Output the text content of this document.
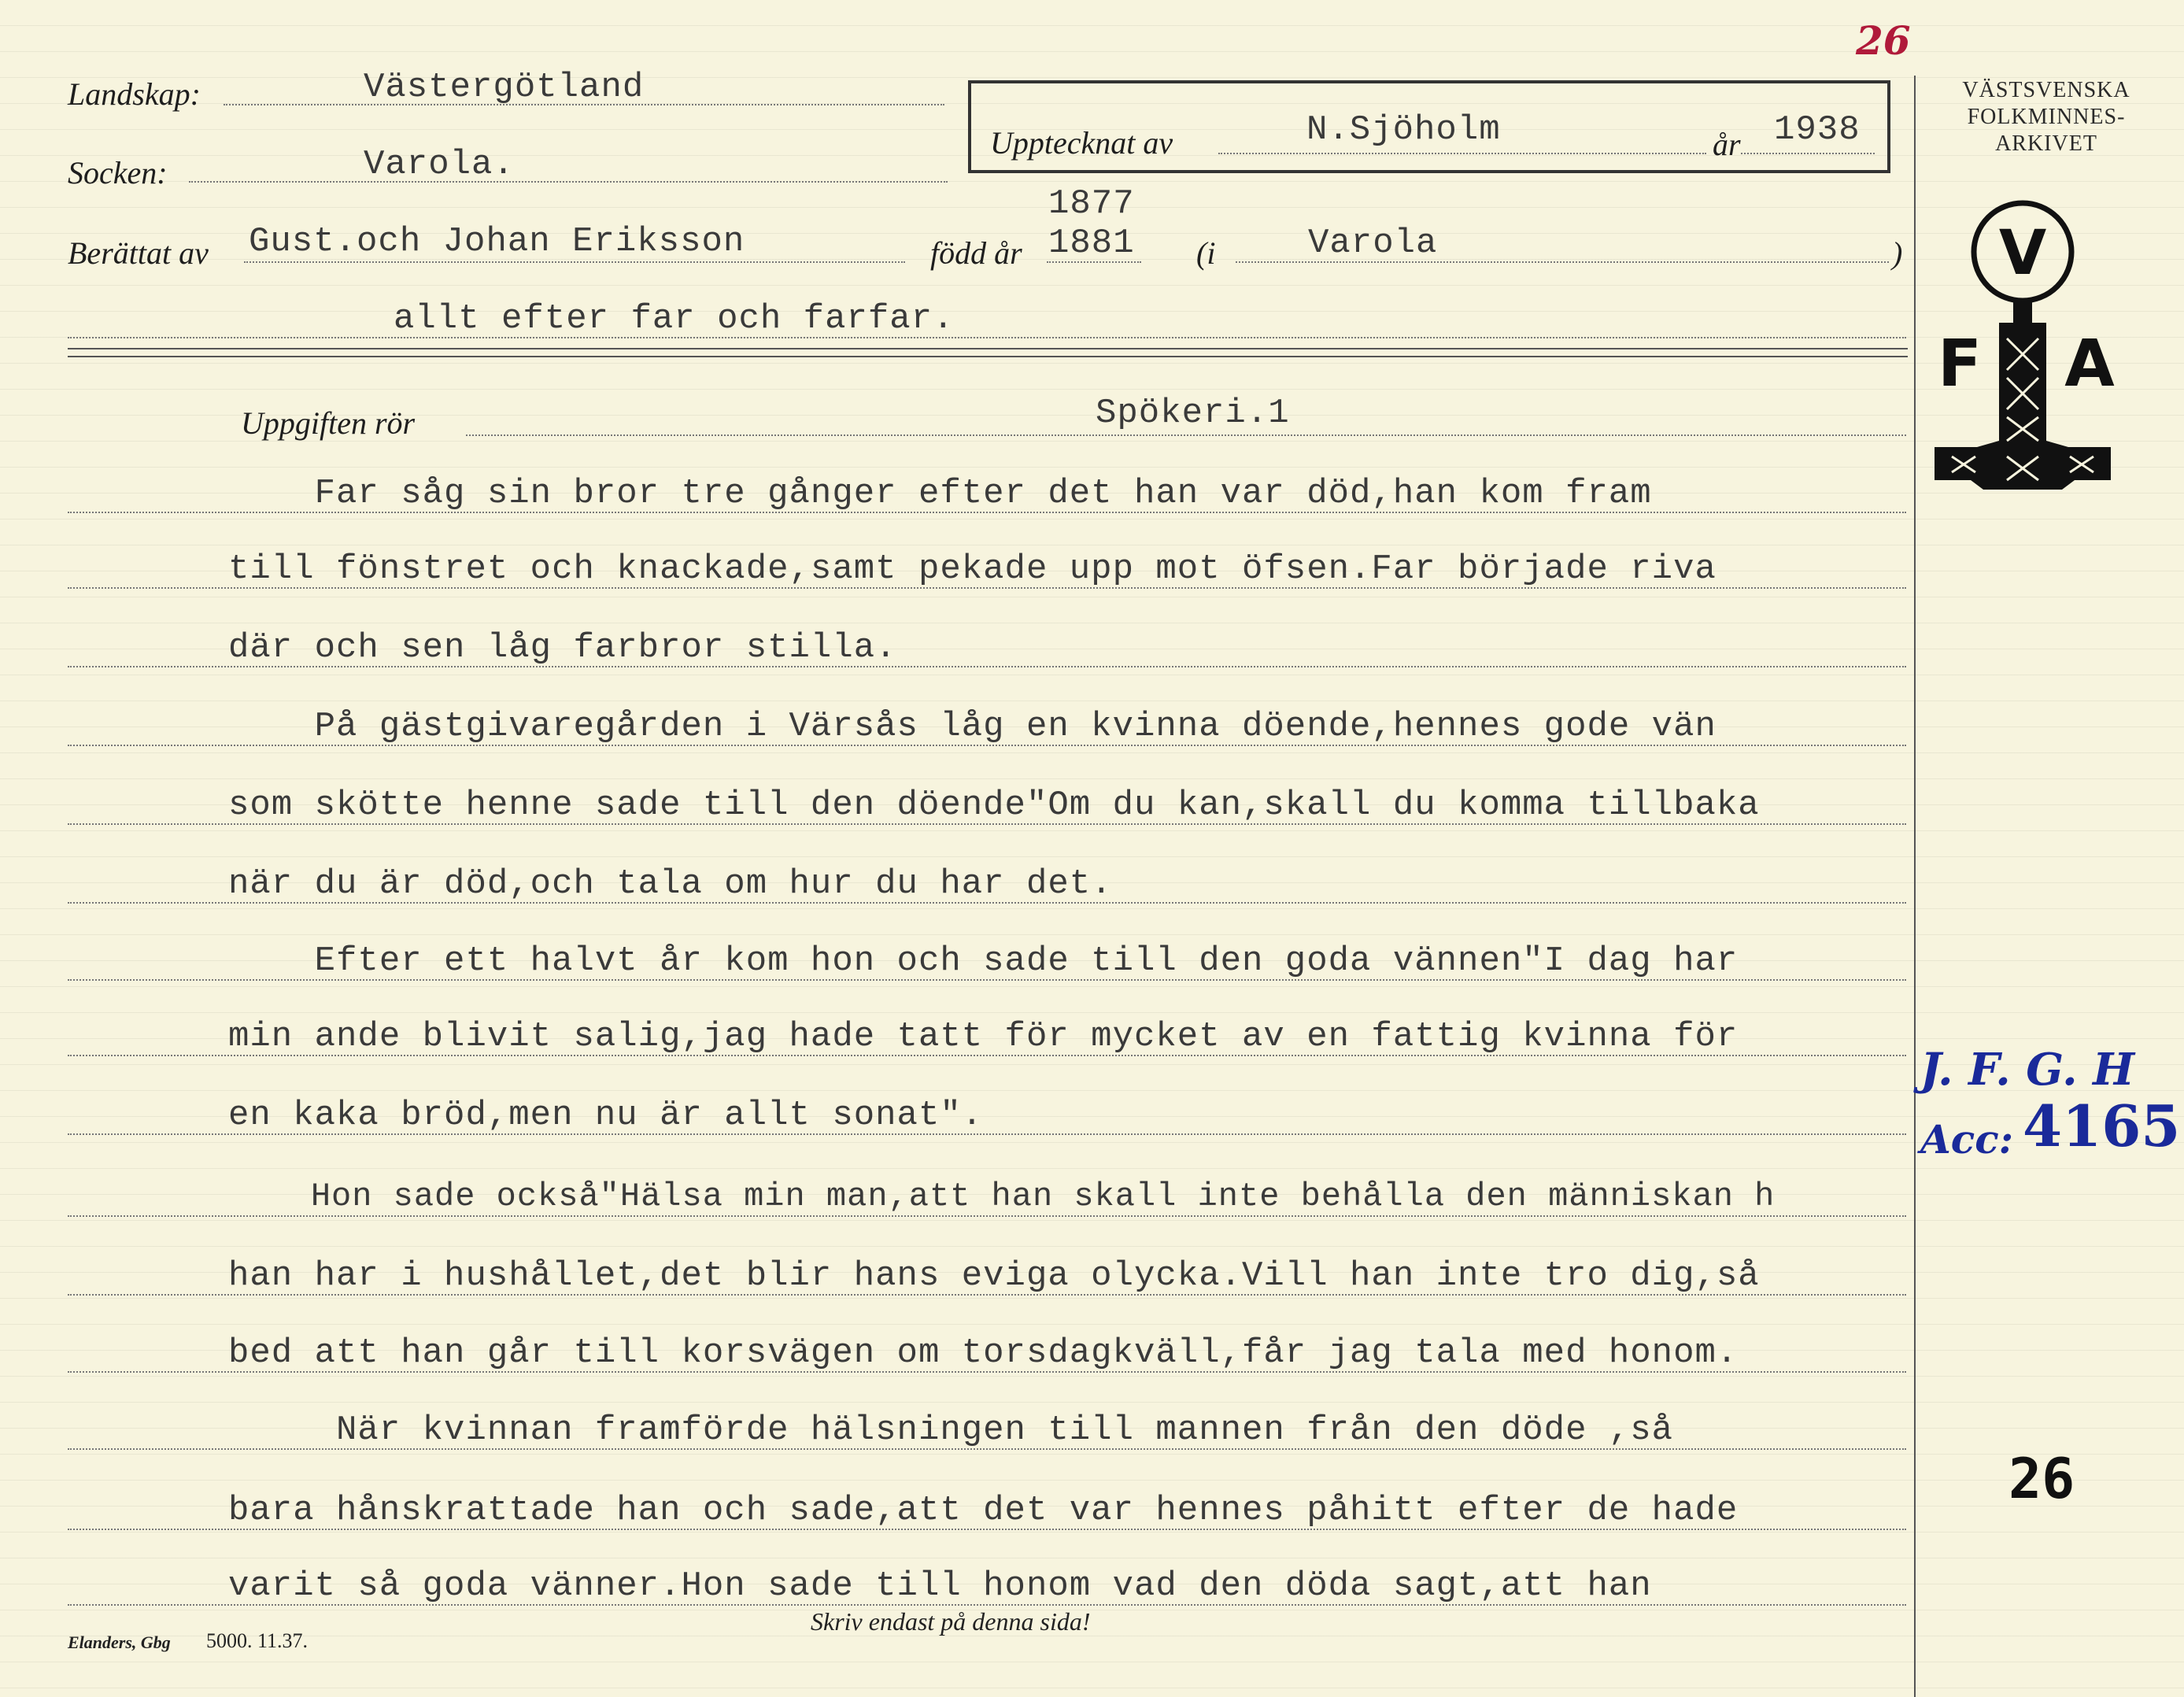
26
Landskap:	Västergötland
Socken:	Varola.
Upptecknat av	N.Sjöholm	år 1938
Berättat av Gust.och Johan Eriksson	född år
1877
1881 (i	Varola	)
allt efter far och farfar.
VÄSTSVENSKA
FOLKMINNES-
ARKIVET
V
F A
Uppgiften rör	Spökeri.1
Far såg sin bror tre gånger efter det han var död,han kom fram
till fönstret och knackade,samt pekade upp mot öfsen.Far började riva
där och sen låg farbror stilla.
På gästgivaregården i Värsås låg en kvinna döende,hennes gode vän
som skötte henne sade till den döende"Om du kan,skall du komma tillbaka
när du är död,och tala om hur du har det.
Efter ett halvt år kom hon och sade till den goda vännen"I dag har
min ande blivit salig,jag hade tatt för mycket av en fattig kvinna för
en kaka bröd,men nu är allt sonat".
Hon sade också"Hälsa min man,att han skall inte behålla den människan h
han har i hushållet,det blir hans eviga olycka.Vill han inte tro dig,så
bed att han går till korsvägen om torsdagkväll,får jag tala med honom.
När kvinnan framförde hälsningen till mannen från den döde ,så
bara hånskrattade han och sade,att det var hennes påhitt efter de hade
varit så goda vänner.Hon sade till honom vad den döda sagt,att han
J. F. G. H
Acc: 4165
26
Elanders, Gbg 5000. 11.37.
Skriv endast på denna sida!
